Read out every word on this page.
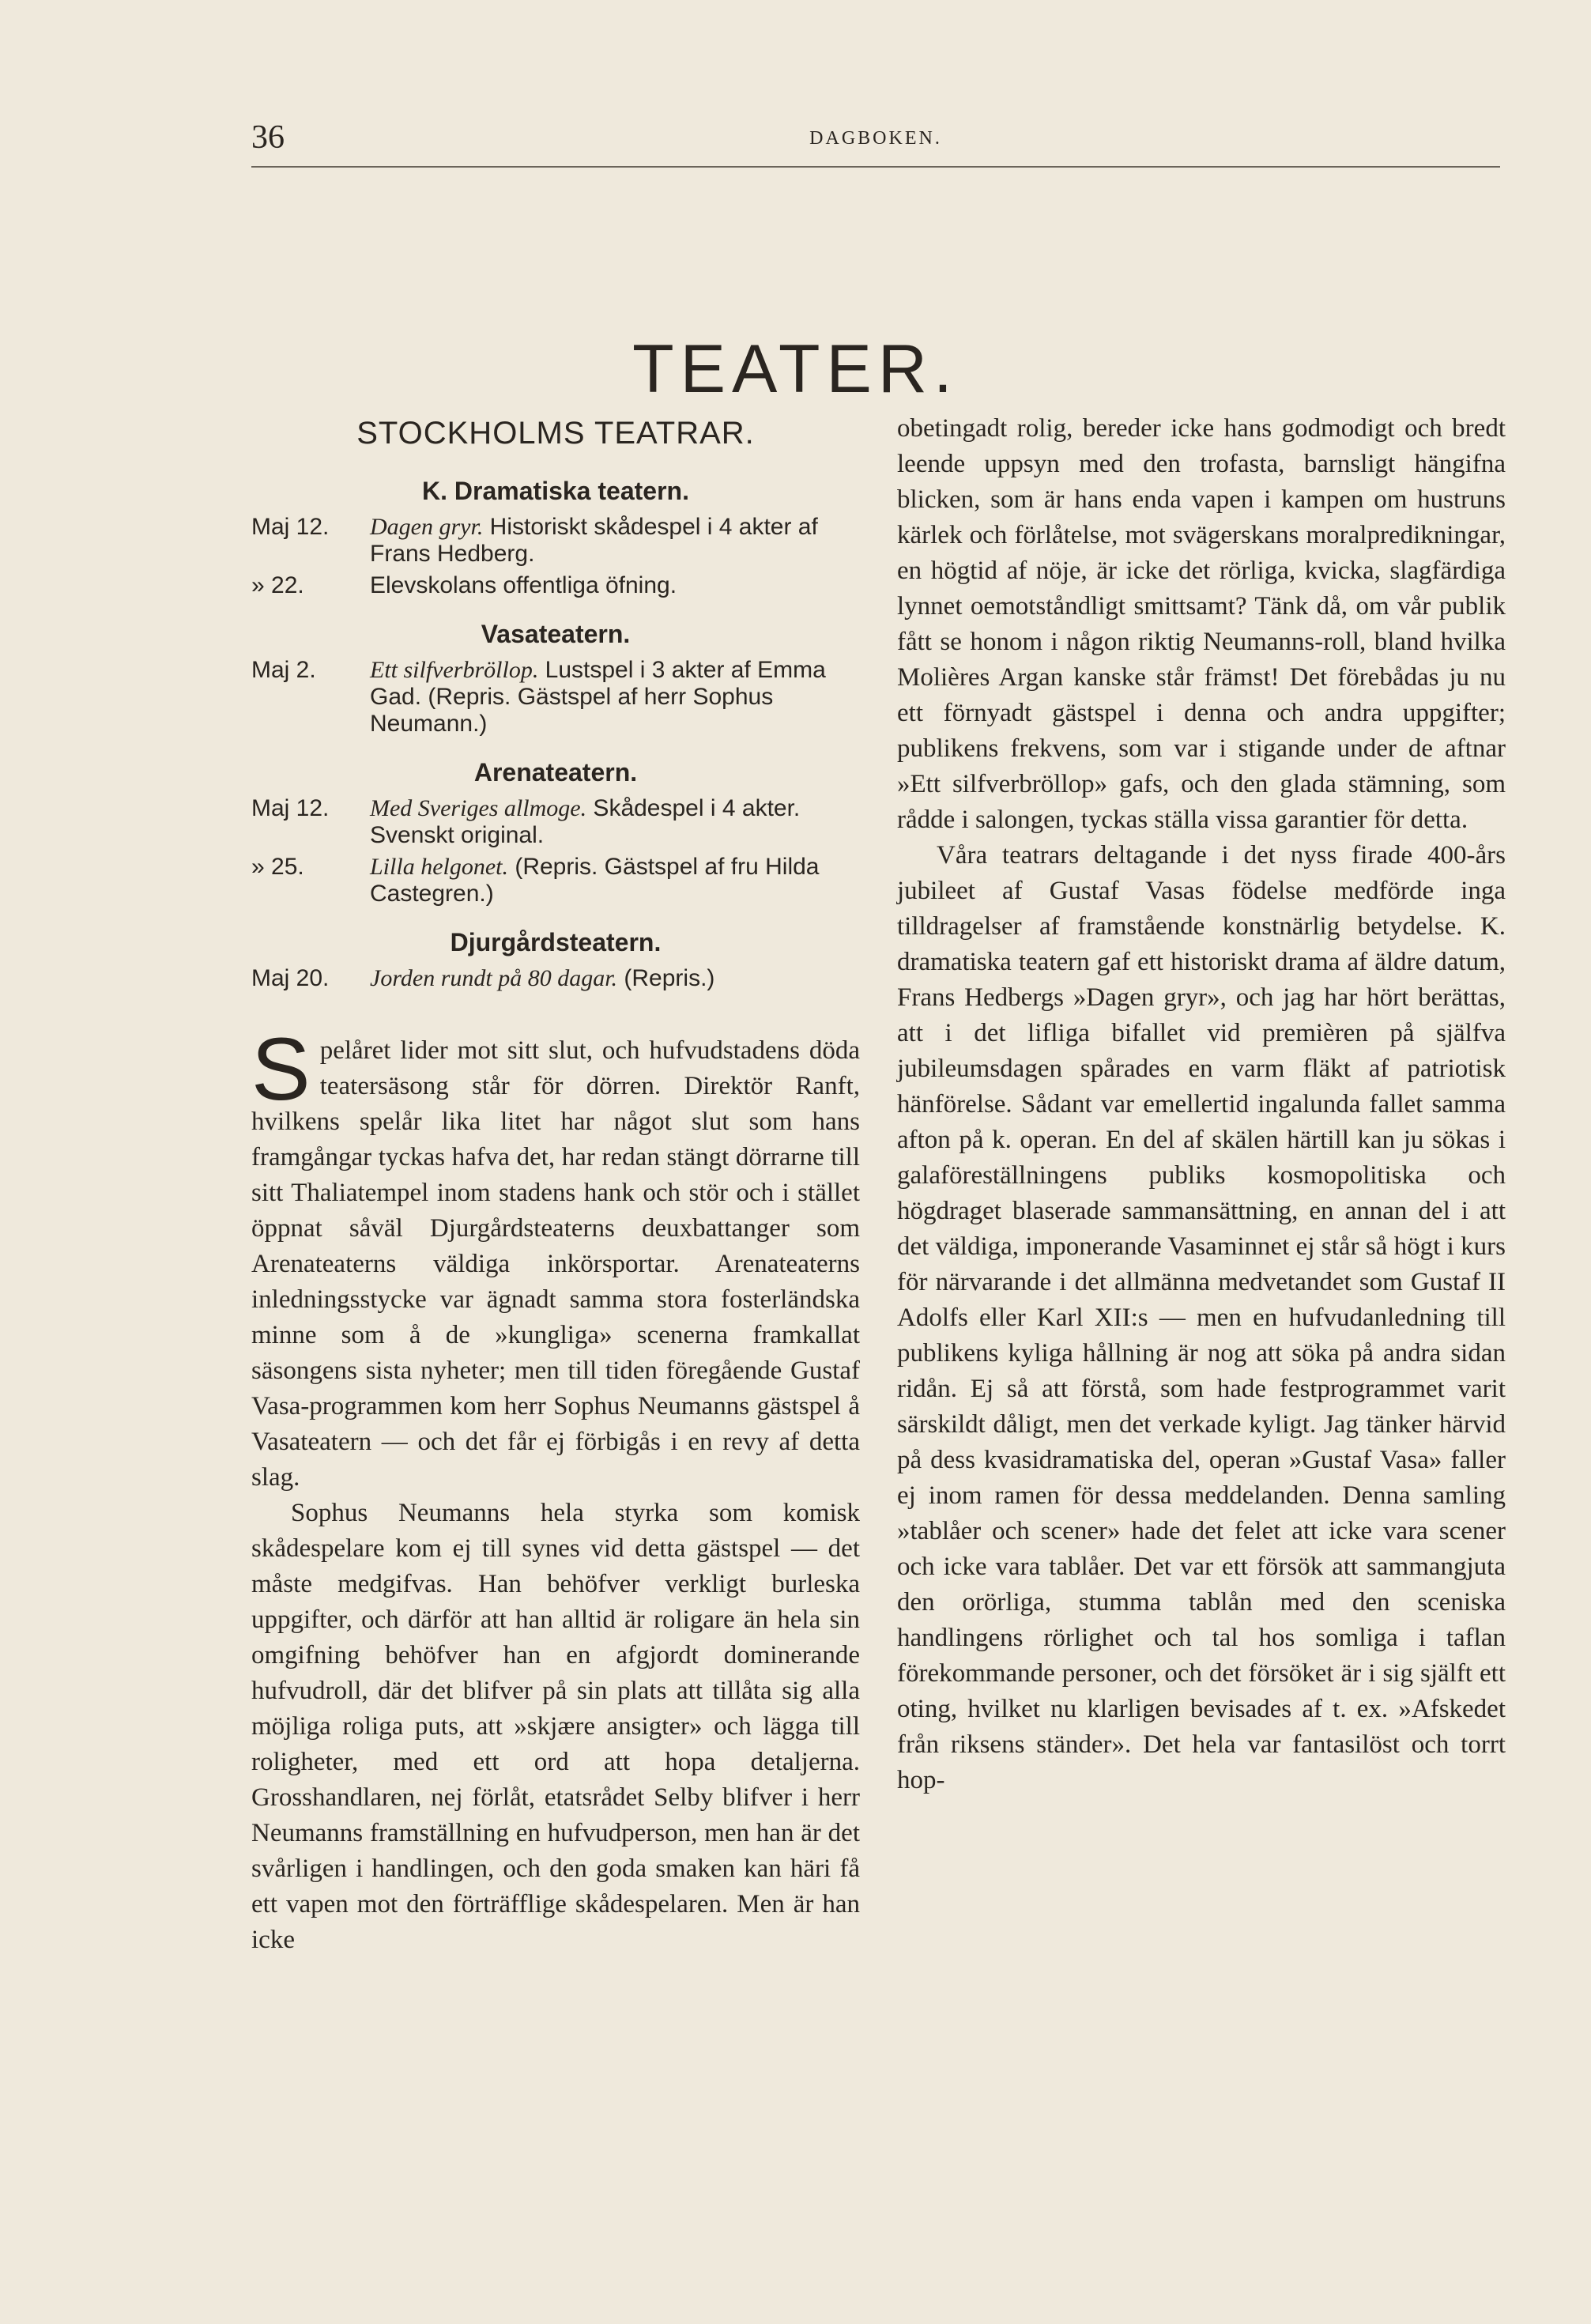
36	DAGBOKEN.
TEATER.
STOCKHOLMS TEATRAR.
K. Dramatiska teatern.
Maj 12.	Dagen gryr. Historiskt skådespel i 4 akter af Frans Hedberg.
» 22.	Elevskolans offentliga öfning.
Vasateatern.
Maj 2.	Ett silfverbröllop. Lustspel i 3 akter af Emma Gad. (Repris. Gästspel af herr Sophus Neumann.)
Arenateatern.
Maj 12.	Med Sveriges allmoge. Skådespel i 4 akter. Svenskt original.
» 25.	Lilla helgonet. (Repris. Gästspel af fru Hilda Castegren.)
Djurgårdsteatern.
Maj 20.	Jorden rundt på 80 dagar. (Repris.)

Spelåret lider mot sitt slut, och hufvudstadens döda teatersäsong står för dörren. Direktör Ranft, hvilkens spelår lika litet har något slut som hans framgångar tyckas hafva det, har redan stängt dörrarne till sitt Thaliatempel inom stadens hank och stör och i stället öppnat såväl Djurgårdsteaterns deuxbattanger som Arenateaterns väldiga inkörsportar. Arenateaterns inledningsstycke var ägnadt samma stora fosterländska minne som å de »kungliga» scenerna framkallat säsongens sista nyheter; men till tiden föregående Gustaf Vasa-programmen kom herr Sophus Neumanns gästspel å Vasateatern — och det får ej förbigås i en revy af detta slag.

Sophus Neumanns hela styrka som komisk skådespelare kom ej till synes vid detta gästspel — det måste medgifvas. Han behöfver verkligt burleska uppgifter, och därför att han alltid är roligare än hela sin omgifning behöfver han en afgjordt dominerande hufvudroll, där det blifver på sin plats att tillåta sig alla möjliga roliga puts, att »skjære ansigter» och lägga till roligheter, med ett ord att hopa detaljerna. Grosshandlaren, nej förlåt, etatsrådet Selby blifver i herr Neumanns framställning en hufvudperson, men han är det svårligen i handlingen, och den goda smaken kan häri få ett vapen mot den förträfflige skådespelaren. Men är han icke

obetingadt rolig, bereder icke hans godmodigt och bredt leende uppsyn med den trofasta, barnsligt hängifna blicken, som är hans enda vapen i kampen om hustruns kärlek och förlåtelse, mot svägerskans moralpredikningar, en högtid af nöje, är icke det rörliga, kvicka, slagfärdiga lynnet oemotståndligt smittsamt? Tänk då, om vår publik fått se honom i någon riktig Neumanns-roll, bland hvilka Molières Argan kanske står främst! Det förebådas ju nu ett förnyadt gästspel i denna och andra uppgifter; publikens frekvens, som var i stigande under de aftnar »Ett silfverbröllop» gafs, och den glada stämning, som rådde i salongen, tyckas ställa vissa garantier för detta.

Våra teatrars deltagande i det nyss firade 400-års jubileet af Gustaf Vasas födelse medförde inga tilldragelser af framstående konstnärlig betydelse. K. dramatiska teatern gaf ett historiskt drama af äldre datum, Frans Hedbergs »Dagen gryr», och jag har hört berättas, att i det lifliga bifallet vid premièren på själfva jubileumsdagen spårades en varm fläkt af patriotisk hänförelse. Sådant var emellertid ingalunda fallet samma afton på k. operan. En del af skälen härtill kan ju sökas i galaföreställningens publiks kosmopolitiska och högdraget blaserade sammansättning, en annan del i att det väldiga, imponerande Vasaminnet ej står så högt i kurs för närvarande i det allmänna medvetandet som Gustaf II Adolfs eller Karl XII:s — men en hufvudanledning till publikens kyliga hållning är nog att söka på andra sidan ridån. Ej så att förstå, som hade festprogrammet varit särskildt dåligt, men det verkade kyligt. Jag tänker härvid på dess kvasidramatiska del, operan »Gustaf Vasa» faller ej inom ramen för dessa meddelanden. Denna samling »tablåer och scener» hade det felet att icke vara scener och icke vara tablåer. Det var ett försök att sammangjuta den orörliga, stumma tablån med den sceniska handlingens rörlighet och tal hos somliga i taflan förekommande personer, och det försöket är i sig själft ett oting, hvilket nu klarligen bevisades af t. ex. »Afskedet från riksens ständer». Det hela var fantasilöst och torrt hop-
